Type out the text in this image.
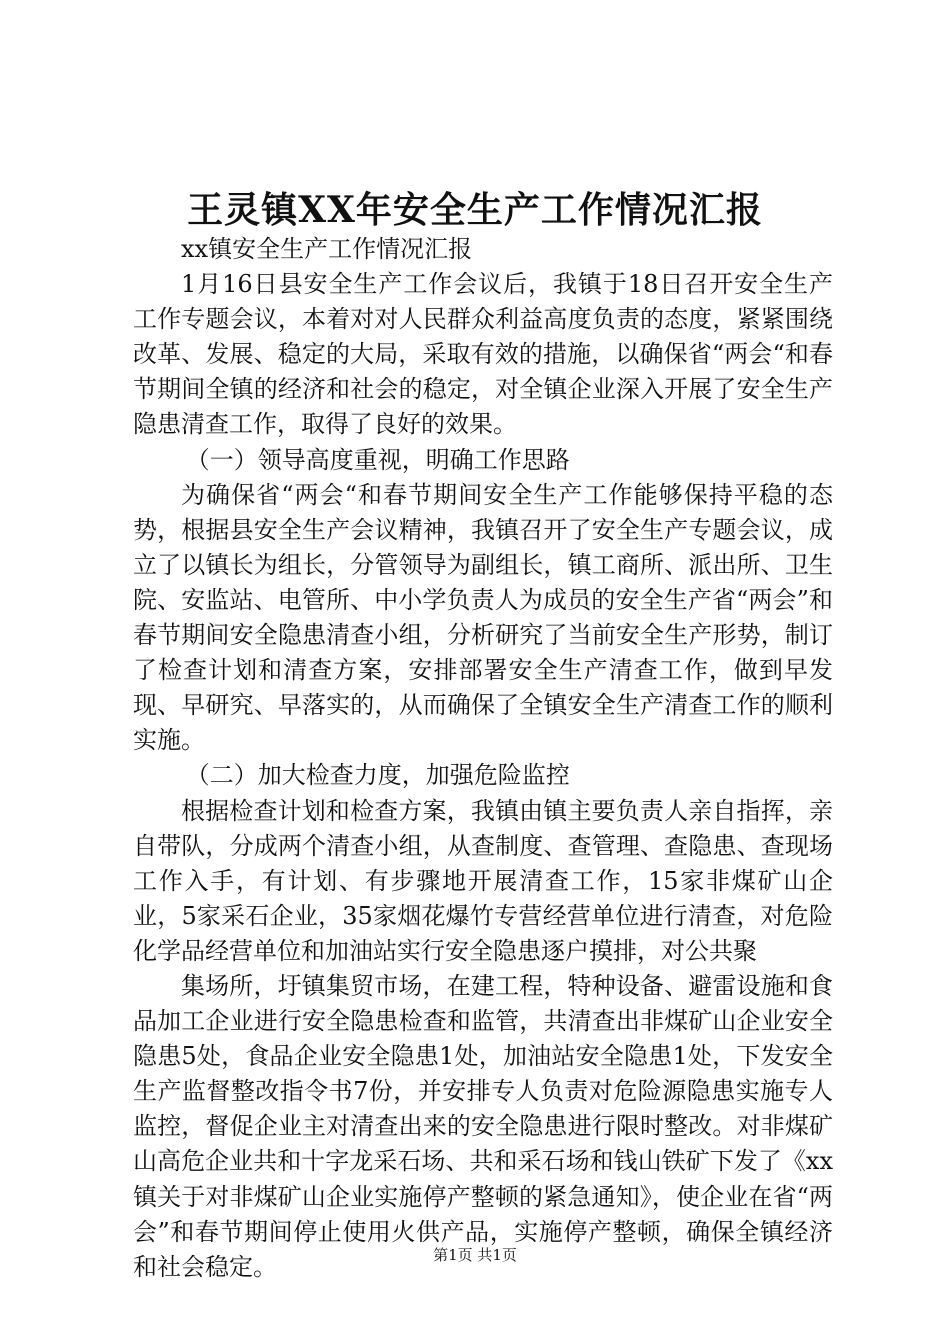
王灵镇XX年安全生产工作情况汇报

xx镇安全生产工作情况汇报

1月16日县安全生产工作会议后，我镇于18日召开安全生产工作专题会议，本着对对人民群众利益高度负责的态度，紧紧围绕改革、发展、稳定的大局，采取有效的措施，以确保省“两会“和春节期间全镇的经济和社会的稳定，对全镇企业深入开展了安全生产隐患清查工作，取得了良好的效果。

（一）领导高度重视，明确工作思路

为确保省“两会“和春节期间安全生产工作能够保持平稳的态势，根据县安全生产会议精神，我镇召开了安全生产专题会议，成立了以镇长为组长，分管领导为副组长，镇工商所、派出所、卫生院、安监站、电管所、中小学负责人为成员的安全生产省“两会”和春节期间安全隐患清查小组，分析研究了当前安全生产形势，制订了检查计划和清查方案，安排部署安全生产清查工作，做到早发现、早研究、早落实的，从而确保了全镇安全生产清查工作的顺利实施。

（二）加大检查力度，加强危险监控

根据检查计划和检查方案，我镇由镇主要负责人亲自指挥，亲自带队，分成两个清查小组，从查制度、查管理、查隐患、查现场工作入手，有计划、有步骤地开展清查工作，15家非煤矿山企业，5家采石企业，35家烟花爆竹专营经营单位进行清查，对危险化学品经营单位和加油站实行安全隐患逐户摸排，对公共聚

集场所，圩镇集贸市场，在建工程，特种设备、避雷设施和食品加工企业进行安全隐患检查和监管，共清查出非煤矿山企业安全隐患5处，食品企业安全隐患1处，加油站安全隐患1处，下发安全生产监督整改指令书7份，并安排专人负责对危险源隐患实施专人监控，督促企业主对清查出来的安全隐患进行限时整改。对非煤矿山高危企业共和十字龙采石场、共和采石场和钱山铁矿下发了《xx镇关于对非煤矿山企业实施停产整顿的紧急通知》，使企业在省“两会”和春节期间停止使用火供产品，实施停产整顿，确保全镇经济和社会稳定。	第1页 共1页
